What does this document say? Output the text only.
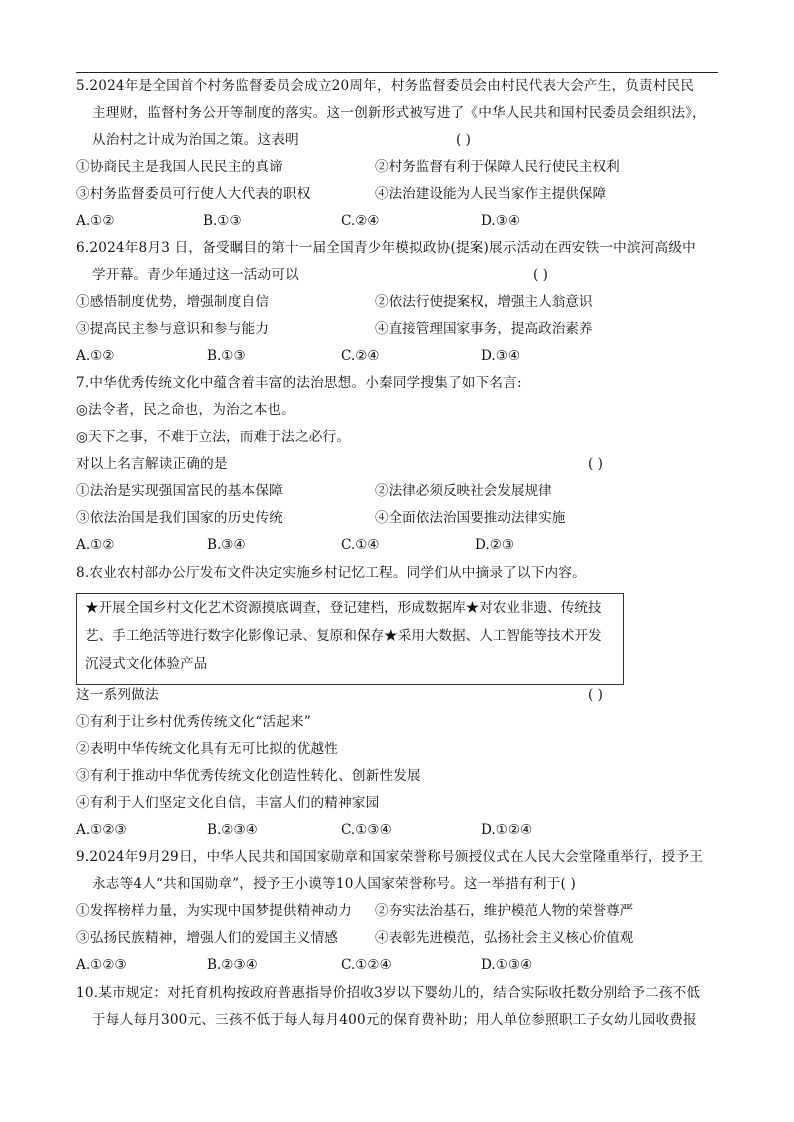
5.2024年是全国首个村务监督委员会成立20周年，村务监督委员会由村民代表大会产生，负责村民民
主理财，监督村务公开等制度的落实。这一创新形式被写进了《中华人民共和国村民委员会组织法》，
从治村之计成为治国之策。这表明	( )
①协商民主是我国人民民主的真谛	②村务监督有利于保障人民行使民主权利
③村务监督委员可行使人大代表的职权	④法治建设能为人民当家作主提供保障
A.①②	B.①③	C.②④	D.③④
6.2024年8月3 日，备受瞩目的第十一届全国青少年模拟政协(提案)展示活动在西安铁一中滨河高级中
学开幕。青少年通过这一活动可以	( )
①感悟制度优势，增强制度自信	②依法行使提案权，增强主人翁意识
③提高民主参与意识和参与能力	④直接管理国家事务，提高政治素养
A.①②	B.①③	C.②④	D.③④
7.中华优秀传统文化中蕴含着丰富的法治思想。小秦同学搜集了如下名言:
◎法令者，民之命也，为治之本也。
◎天下之事，不难于立法，而难于法之必行。
对以上名言解读正确的是	( )
①法治是实现强国富民的基本保障	②法律必须反映社会发展规律
③依法治国是我们国家的历史传统	④全面依法治国要推动法律实施
A.①②	B.③④	C.①④	D.②③
8.农业农村部办公厅发布文件决定实施乡村记忆工程。同学们从中摘录了以下内容。
★开展全国乡村文化艺术资源摸底调查，登记建档，形成数据库★对农业非遗、传统技
艺、手工绝活等进行数字化影像记录、复原和保存★采用大数据、人工智能等技术开发
沉浸式文化体验产品
这一系列做法	( )
①有利于让乡村优秀传统文化“活起来”
②表明中华传统文化具有无可比拟的优越性
③有利于推动中华优秀传统文化创造性转化、创新性发展
④有利于人们坚定文化自信，丰富人们的精神家园
A.①②③	B.②③④	C.①③④	D.①②④
9.2024年9月29日，中华人民共和国国家勋章和国家荣誉称号颁授仪式在人民大会堂隆重举行，授予王
永志等4人“共和国勋章”，授予王小谟等10人国家荣誉称号。这一举措有利于( )
①发挥榜样力量，为实现中国梦提供精神动力 ②夯实法治基石，维护模范人物的荣誉尊严
③弘扬民族精神，增强人们的爱国主义情感	④表彰先进模范，弘扬社会主义核心价值观
A.①②③	B.②③④	C.①②④	D.①③④
10.某市规定：对托育机构按政府普惠指导价招收3岁以下婴幼儿的，结合实际收托数分别给予二孩不低
于每人每月300元、三孩不低于每人每月400元的保育费补助；用人单位参照职工子女幼儿园收费报
